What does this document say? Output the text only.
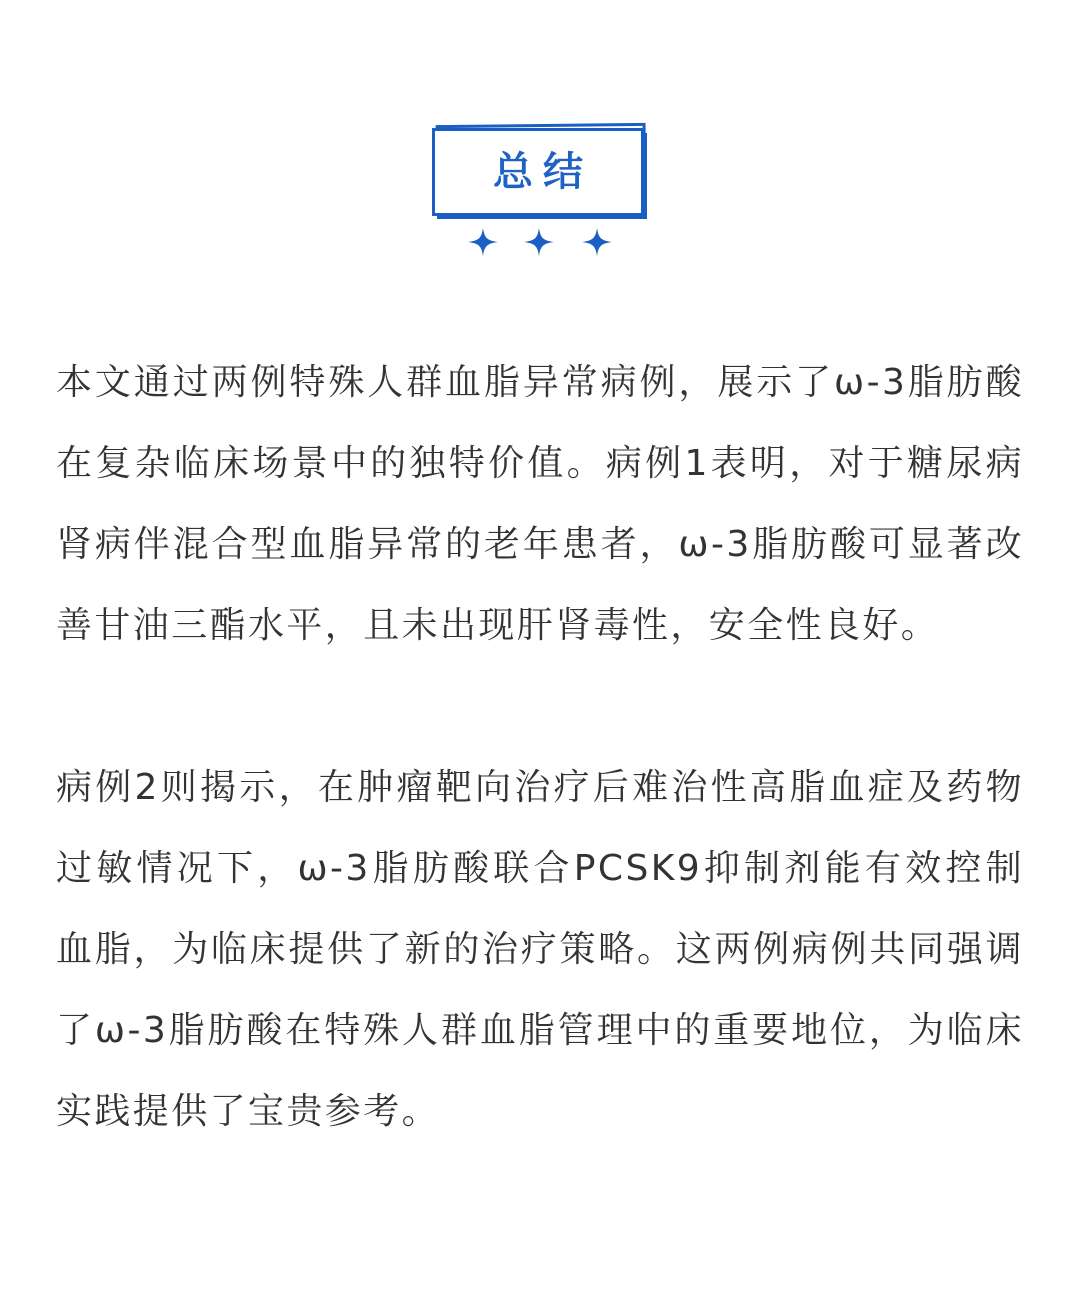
总结

本文通过两例特殊人群血脂异常病例，展示了ω-3脂肪酸在复杂临床场景中的独特价值。病例1表明，对于糖尿病肾病伴混合型血脂异常的老年患者，ω-3脂肪酸可显著改善甘油三酯水平，且未出现肝肾毒性，安全性良好。

病例2则揭示，在肿瘤靶向治疗后难治性高脂血症及药物过敏情况下，ω-3脂肪酸联合PCSK9抑制剂能有效控制血脂，为临床提供了新的治疗策略。这两例病例共同强调了ω-3脂肪酸在特殊人群血脂管理中的重要地位，为临床实践提供了宝贵参考。
